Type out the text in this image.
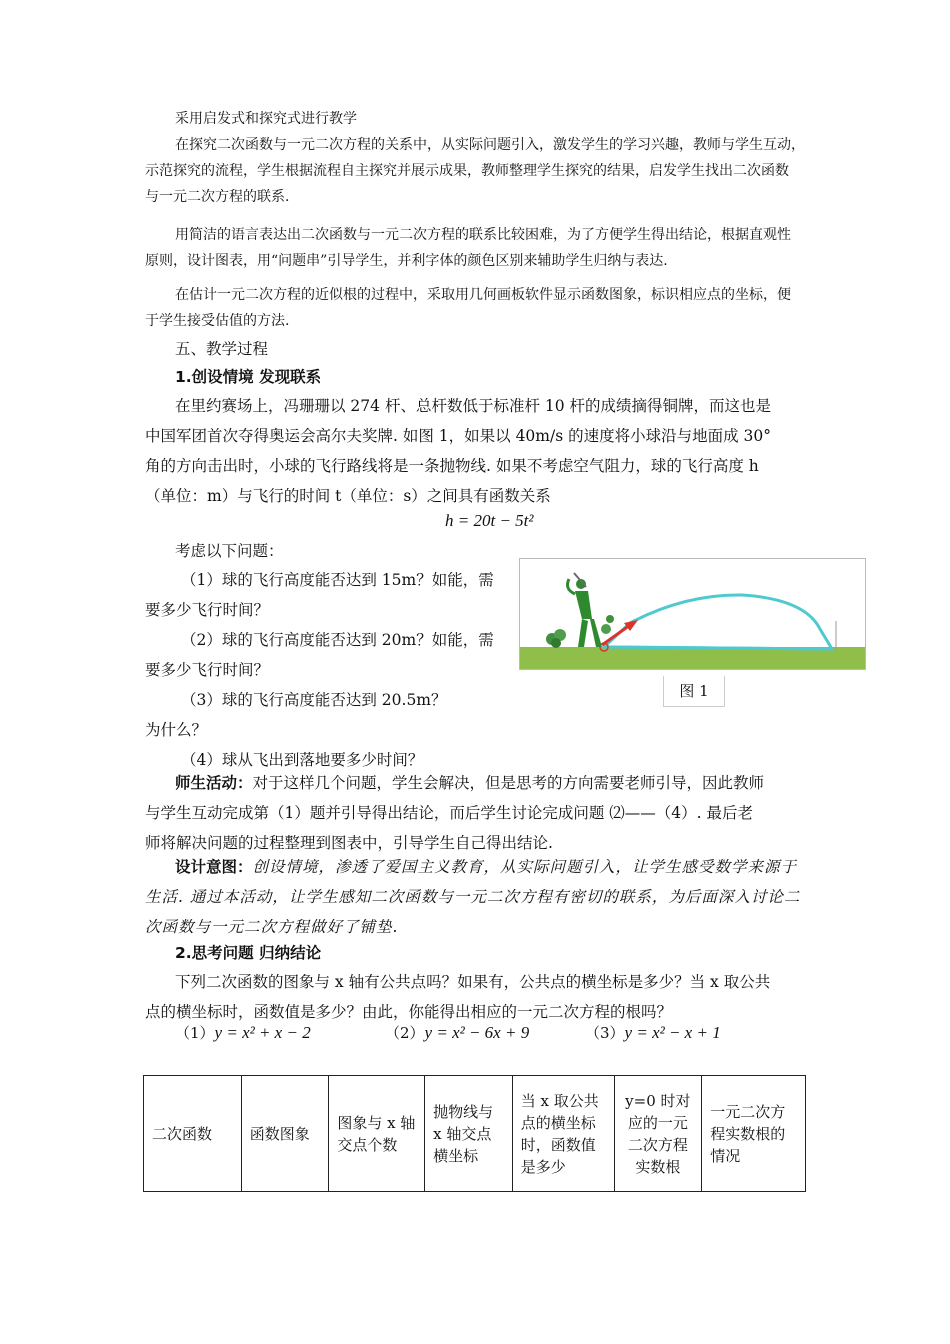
采用启发式和探究式进行教学
在探究二次函数与一元二次方程的关系中，从实际问题引入，激发学生的学习兴趣，教师与学生互动，
示范探究的流程，学生根据流程自主探究并展示成果，教师整理学生探究的结果，启发学生找出二次函数
与一元二次方程的联系.
用简洁的语言表达出二次函数与一元二次方程的联系比较困难，为了方便学生得出结论，根据直观性
原则，设计图表，用“问题串”引导学生，并利字体的颜色区别来辅助学生归纳与表达.
在估计一元二次方程的近似根的过程中，采取用几何画板软件显示函数图象，标识相应点的坐标，便
于学生接受估值的方法.
五、教学过程
1.创设情境 发现联系
在里约赛场上，冯珊珊以 274 杆、总杆数低于标准杆 10 杆的成绩摘得铜牌，而这也是
中国军团首次夺得奥运会高尔夫奖牌. 如图 1，如果以 40m/s 的速度将小球沿与地面成 30°
角的方向击出时，小球的飞行路线将是一条抛物线. 如果不考虑空气阻力，球的飞行高度 h
（单位：m）与飞行的时间 t（单位：s）之间具有函数关系
h = 20t − 5t²
考虑以下问题：
（1）球的飞行高度能否达到 15m？如能，需
要多少飞行时间？
（2）球的飞行高度能否达到 20m？如能，需
要多少飞行时间？
（3）球的飞行高度能否达到 20.5m？
为什么？
（4）球从飞出到落地要多少时间？
图 1
师生活动：对于这样几个问题，学生会解决，但是思考的方向需要老师引导，因此教师
与学生互动完成第（1）题并引导得出结论，而后学生讨论完成问题 ⑵——（4）. 最后老
师将解决问题的过程整理到图表中，引导学生自己得出结论.
设计意图：创设情境，渗透了爱国主义教育，从实际问题引入，让学生感受数学来源于
生活. 通过本活动，让学生感知二次函数与一元二次方程有密切的联系，为后面深入讨论二
次函数与一元二次方程做好了铺垫.
2.思考问题 归纳结论
下列二次函数的图象与 x 轴有公共点吗？如果有，公共点的横坐标是多少？当 x 取公共
点的横坐标时，函数值是多少？由此，你能得出相应的一元二次方程的根吗？
（1）y = x² + x − 2	（2）y = x² − 6x + 9	（3）y = x² − x + 1
二次函数	函数图象	图象与 x 轴交点个数	抛物线与 x 轴交点横坐标	当 x 取公共点的横坐标时，函数值是多少	y=0 时对应的一元二次方程实数根	一元二次方程实数根的情况
